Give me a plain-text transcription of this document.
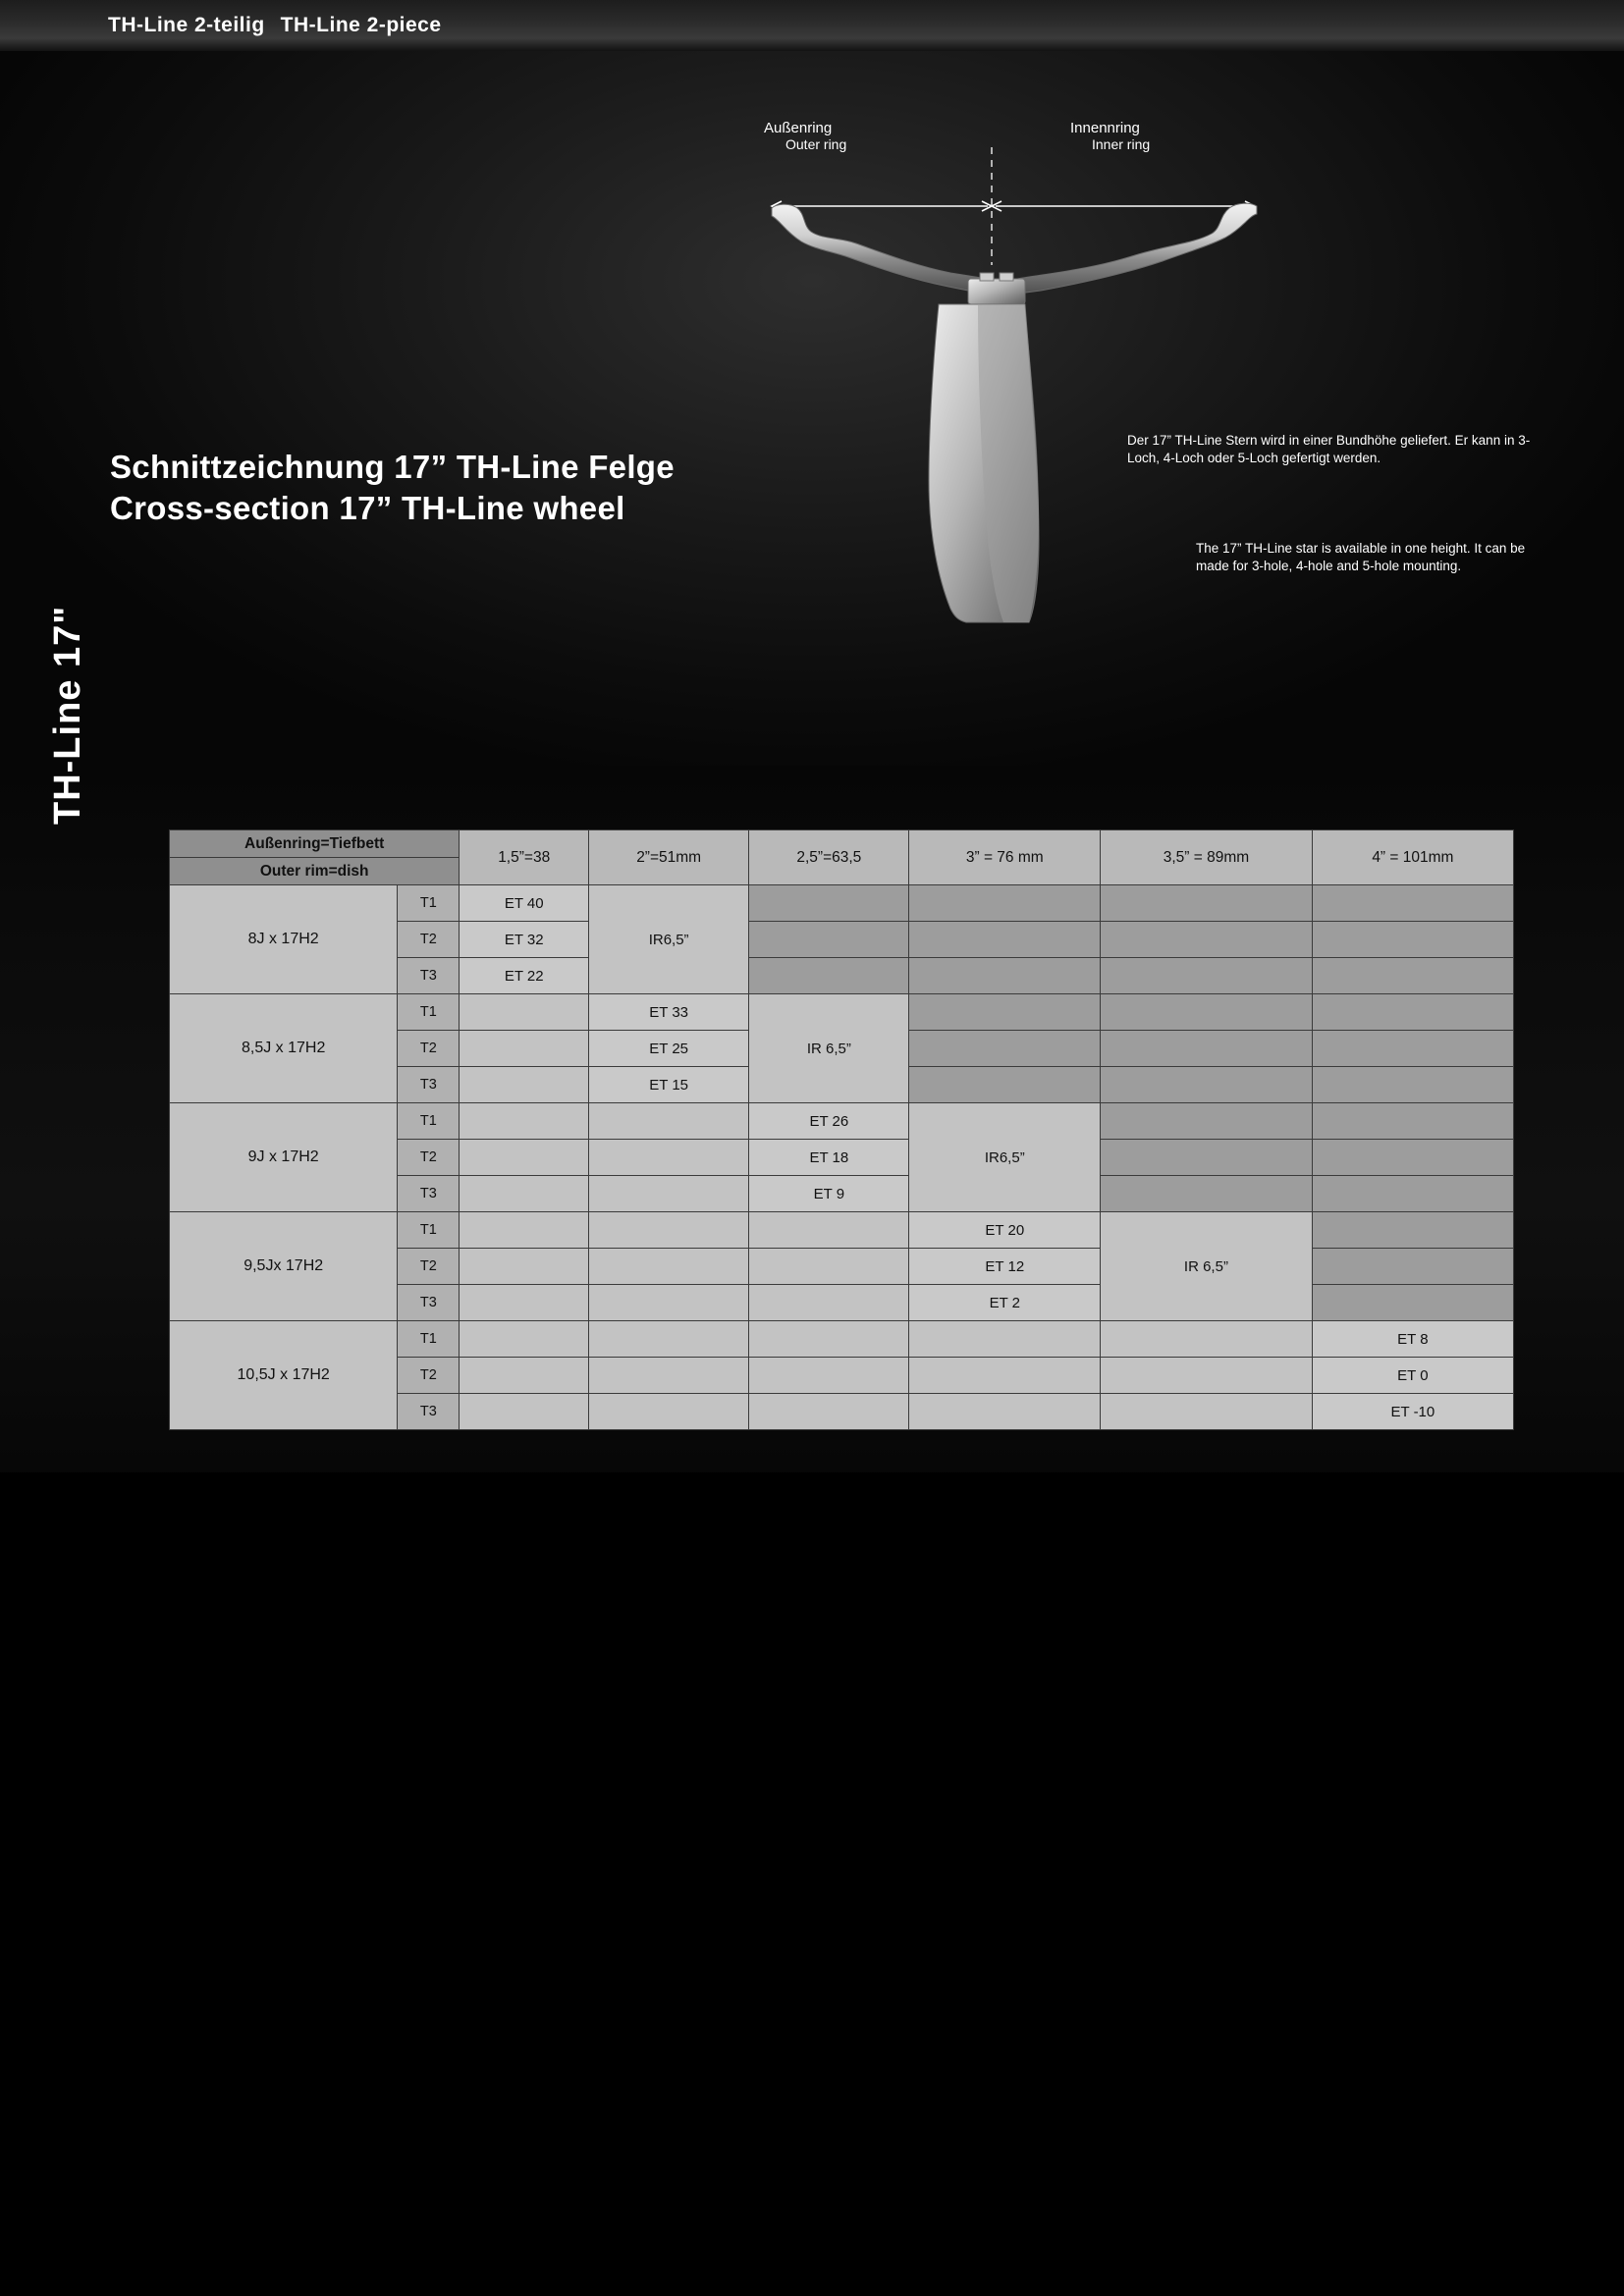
TH-Line 2-teilig TH-Line 2-piece
Außenring
Outer ring
Innennring
Inner ring
Schnittzeichnung 17” TH-Line Felge
Cross-section 17” TH-Line wheel
Der 17” TH-Line Stern wird in einer Bundhöhe geliefert. Er kann in 3-Loch, 4-Loch oder 5-Loch gefertigt werden.
The 17” TH-Line star is available in one height. It can be made for 3-hole, 4-hole and 5-hole mounting.
TH-Line 17"
Außenring=Tiefbett		1,5”=38	2”=51mm	2,5”=63,5	3” = 76 mm	3,5” = 89mm	4” = 101mm
Outer rim=dish							
8J x 17H2	T1	ET 40	IR6,5”				
	T2	ET 32					
	T3	ET 22					
8,5J x 17H2	T1		ET 33	IR 6,5”			
	T2		ET 25				
	T3		ET 15				
9J x 17H2	T1			ET 26	IR6,5”		
	T2			ET 18			
	T3			ET 9			
9,5Jx 17H2	T1				ET 20	IR 6,5”	
	T2				ET 12		
	T3				ET 2		
10,5J x 17H2	T1						ET 8
	T2						ET 0
	T3						ET -10
